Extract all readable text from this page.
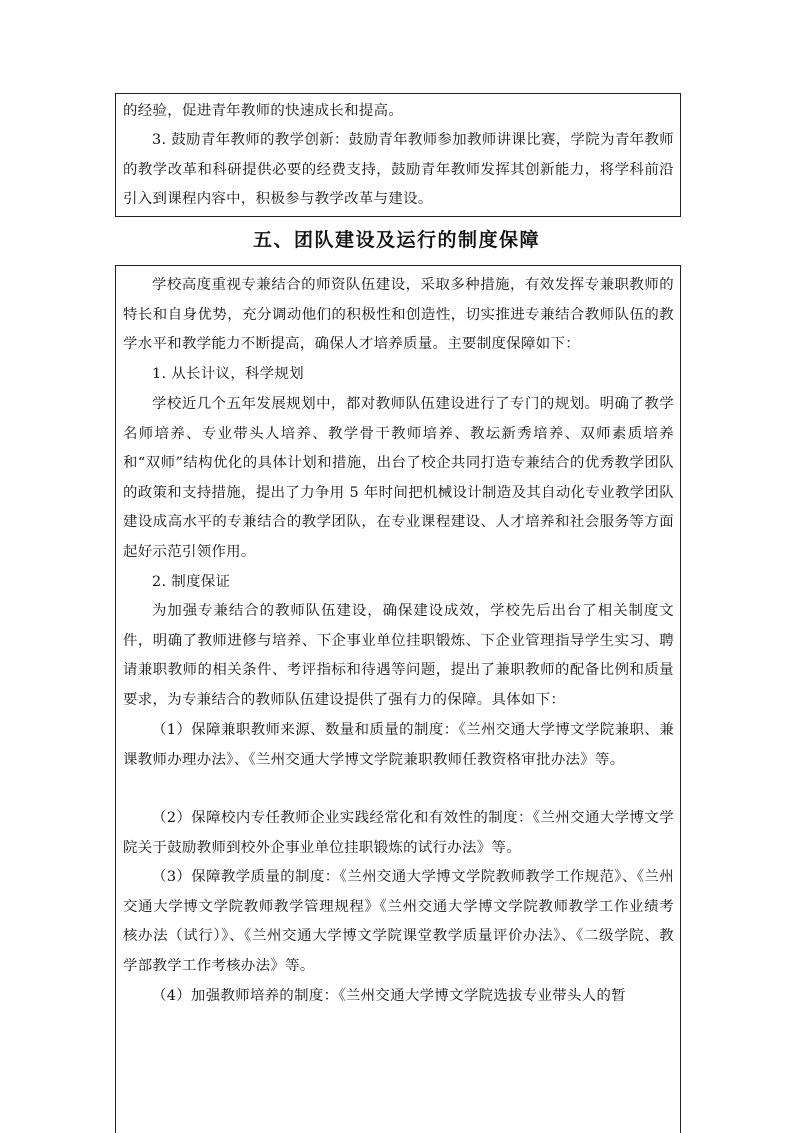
的经验，促进青年教师的快速成长和提高。

3. 鼓励青年教师的教学创新：鼓励青年教师参加教师讲课比赛，学院为青年教师的教学改革和科研提供必要的经费支持，鼓励青年教师发挥其创新能力，将学科前沿引入到课程内容中，积极参与教学改革与建设。

五、团队建设及运行的制度保障

学校高度重视专兼结合的师资队伍建设，采取多种措施，有效发挥专兼职教师的特长和自身优势，充分调动他们的积极性和创造性，切实推进专兼结合教师队伍的教学水平和教学能力不断提高，确保人才培养质量。主要制度保障如下：

1. 从长计议，科学规划

学校近几个五年发展规划中，都对教师队伍建设进行了专门的规划。明确了教学名师培养、专业带头人培养、教学骨干教师培养、教坛新秀培养、双师素质培养和“双师”结构优化的具体计划和措施，出台了校企共同打造专兼结合的优秀教学团队的政策和支持措施，提出了力争用 5 年时间把机械设计制造及其自动化专业教学团队建设成高水平的专兼结合的教学团队，在专业课程建设、人才培养和社会服务等方面起好示范引领作用。

2. 制度保证

为加强专兼结合的教师队伍建设，确保建设成效，学校先后出台了相关制度文件，明确了教师进修与培养、下企事业单位挂职锻炼、下企业管理指导学生实习、聘请兼职教师的相关条件、考评指标和待遇等问题，提出了兼职教师的配备比例和质量要求，为专兼结合的教师队伍建设提供了强有力的保障。具体如下：

（1）保障兼职教师来源、数量和质量的制度：《兰州交通大学博文学院兼职、兼课教师办理办法》、《兰州交通大学博文学院兼职教师任教资格审批办法》等。

（2）保障校内专任教师企业实践经常化和有效性的制度：《兰州交通大学博文学院关于鼓励教师到校外企事业单位挂职锻炼的试行办法》等。

（3）保障教学质量的制度：《兰州交通大学博文学院教师教学工作规范》、《兰州交通大学博文学院教师教学管理规程》《兰州交通大学博文学院教师教学工作业绩考核办法（试行）》、《兰州交通大学博文学院课堂教学质量评价办法》、《二级学院、教学部教学工作考核办法》等。

（4）加强教师培养的制度：《兰州交通大学博文学院选拔专业带头人的暂
